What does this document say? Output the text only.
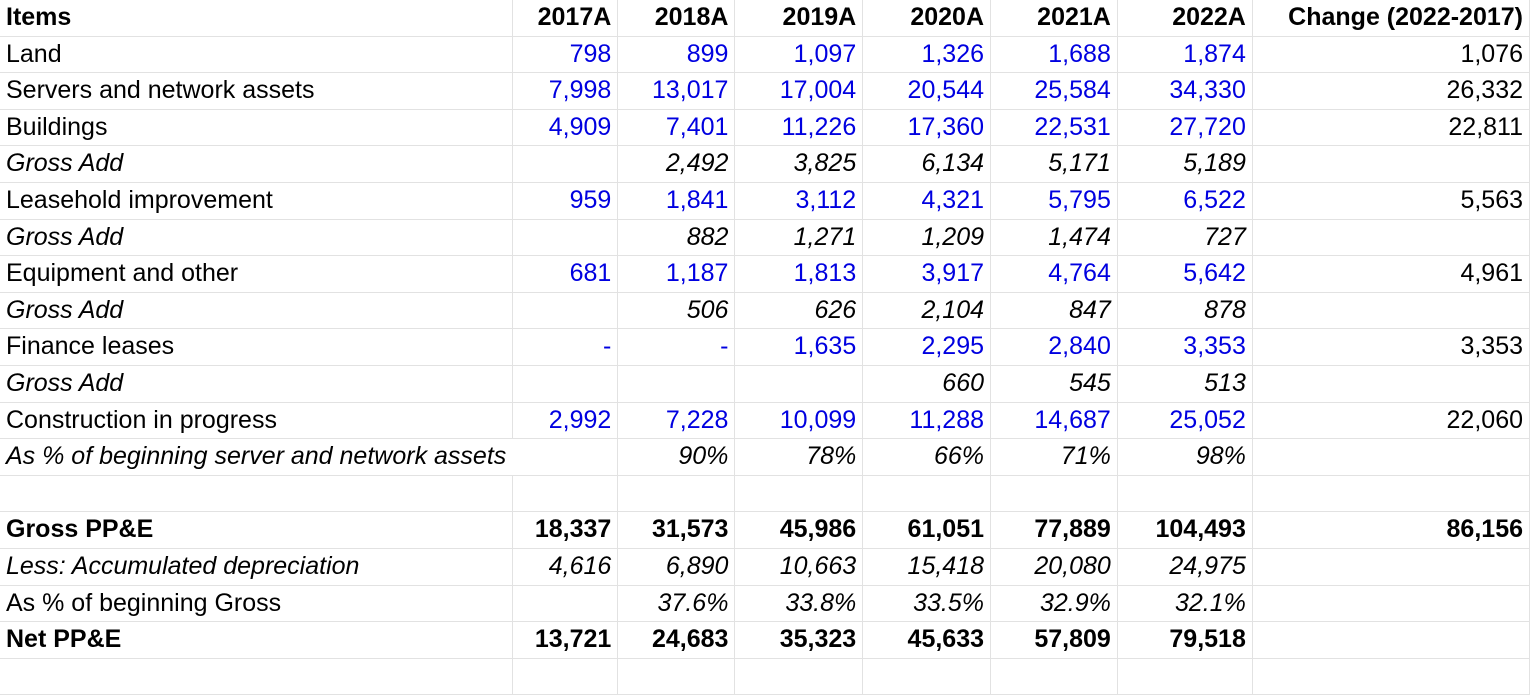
Items	2017A	2018A	2019A	2020A	2021A	2022A	Change (2022-2017)
Land	798	899	1,097	1,326	1,688	1,874	1,076
Servers and network assets	7,998	13,017	17,004	20,544	25,584	34,330	26,332
Buildings	4,909	7,401	11,226	17,360	22,531	27,720	22,811
Gross Add		2,492	3,825	6,134	5,171	5,189	
Leasehold improvement	959	1,841	3,112	4,321	5,795	6,522	5,563
Gross Add		882	1,271	1,209	1,474	727	
Equipment and other	681	1,187	1,813	3,917	4,764	5,642	4,961
Gross Add		506	626	2,104	847	878	
Finance leases	-	-	1,635	2,295	2,840	3,353	3,353
Gross Add				660	545	513	
Construction in progress	2,992	7,228	10,099	11,288	14,687	25,052	22,060
As % of beginning server and network assets		90%	78%	66%	71%	98%	

Gross PP&E	18,337	31,573	45,986	61,051	77,889	104,493	86,156
Less: Accumulated depreciation	4,616	6,890	10,663	15,418	20,080	24,975	
As % of beginning Gross		37.6%	33.8%	33.5%	32.9%	32.1%	
Net PP&E	13,721	24,683	35,323	45,633	57,809	79,518	
